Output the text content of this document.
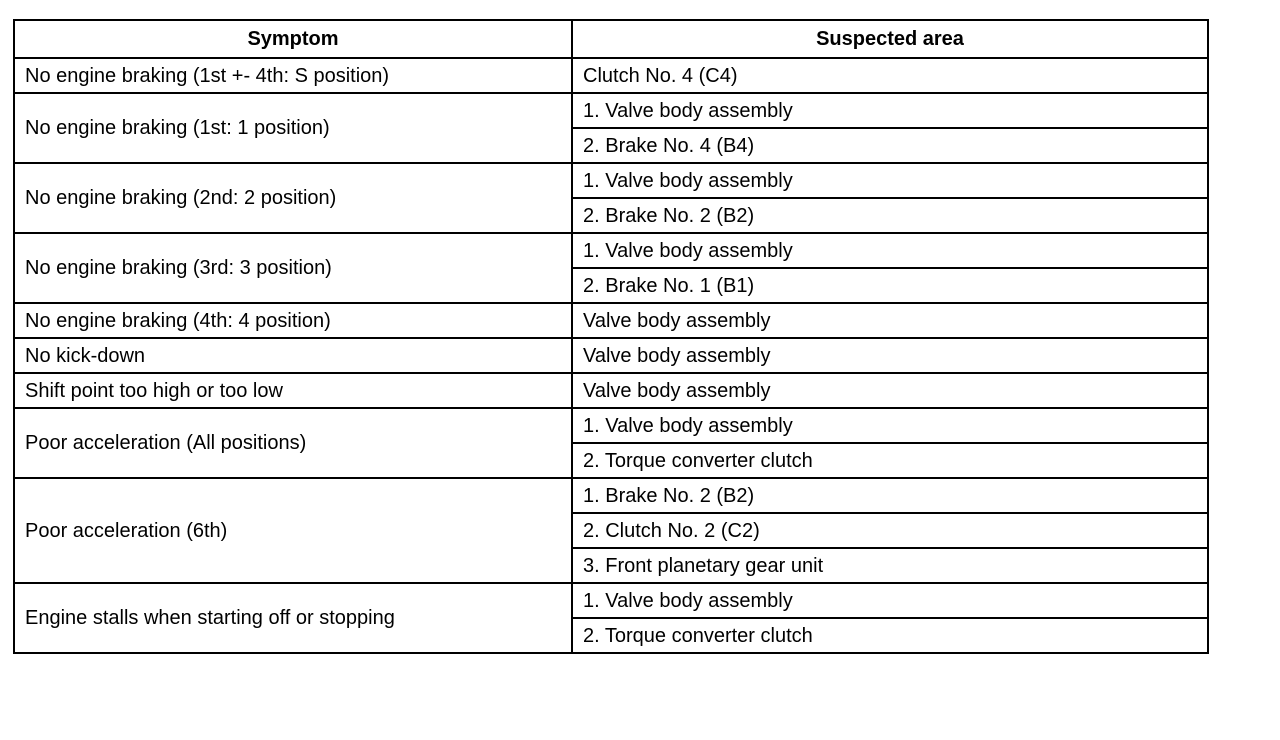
Symptom	Suspected area
No engine braking (1st +- 4th: S position)	Clutch No. 4 (C4)
No engine braking (1st: 1 position)	1. Valve body assembly
	2. Brake No. 4 (B4)
No engine braking (2nd: 2 position)	1. Valve body assembly
	2. Brake No. 2 (B2)
No engine braking (3rd: 3 position)	1. Valve body assembly
	2. Brake No. 1 (B1)
No engine braking (4th: 4 position)	Valve body assembly
No kick-down	Valve body assembly
Shift point too high or too low	Valve body assembly
Poor acceleration (All positions)	1. Valve body assembly
	2. Torque converter clutch
Poor acceleration (6th)	1. Brake No. 2 (B2)
	2. Clutch No. 2 (C2)
	3. Front planetary gear unit
Engine stalls when starting off or stopping	1. Valve body assembly
	2. Torque converter clutch
